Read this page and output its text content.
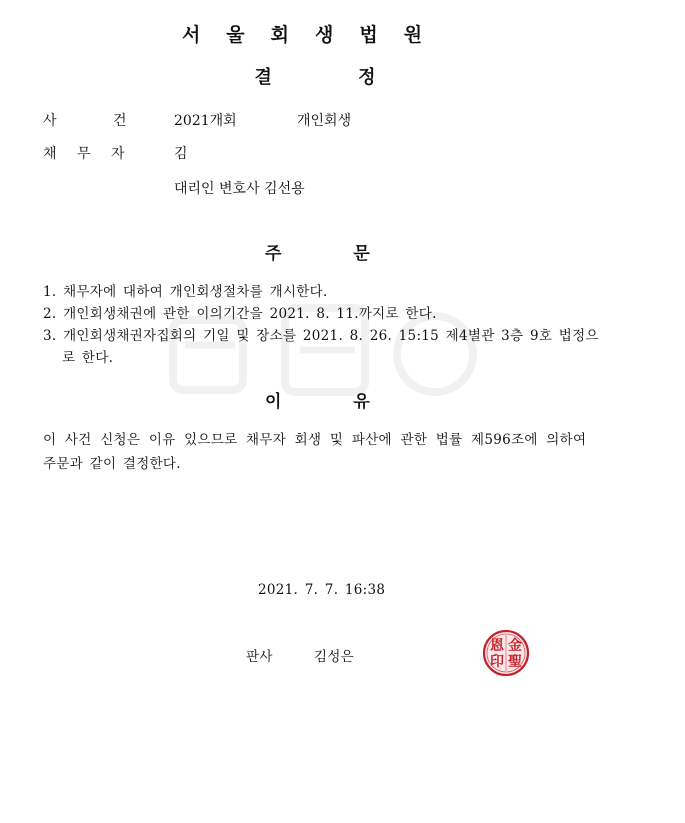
서울회생법원
결 정
사 건	2021개회	개인회생
채 무 자	김
대리인 변호사 김선용
주 문
1. 채무자에 대하여 개인회생절차를 개시한다.
2. 개인회생채권에 관한 이의기간을 2021. 8. 11.까지로 한다.
3. 개인회생채권자집회의 기일 및 장소를 2021. 8. 26. 15:15 제4별관 3층 9호 법정으
로 한다.
이 유
이 사건 신청은 이유 있으므로 채무자 회생 및 파산에 관한 법률 제596조에 의하여
주문과 같이 결정한다.
2021. 7. 7. 16:38
판사	김성은
金
聖
恩
印
